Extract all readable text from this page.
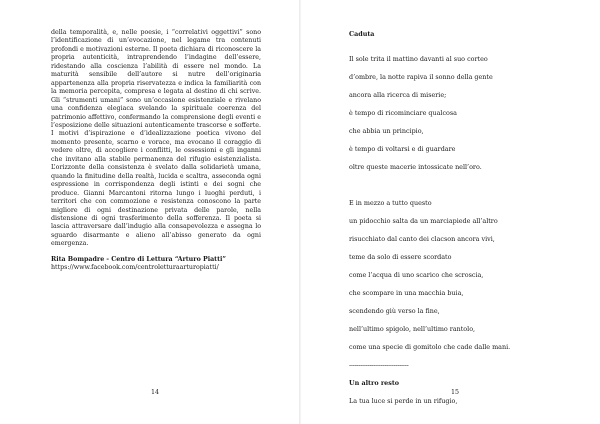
della temporalità, e, nelle poesie, i “correlativi oggettivi” sono l’identificazione di un’evocazione, nel legame tra contenuti profondi e motivazioni esterne. Il poeta dichiara di riconoscere la propria autenticità, intraprendendo l’indagine dell’essere, ridestando alla coscienza l’abilità di essere nel mondo. La maturità sensibile dell’autore si nutre dell’originaria appartenenza alla propria riservatezza e indica la familiarità con la memoria percepita, compresa e legata al destino di chi scrive. Gli “strumenti umani” sono un’occasione esistenziale e rivelano una confidenza elegiaca svelando la spirituale coerenza del patrimonio affettivo, confermando la comprensione degli eventi e l’esposizione delle situazioni autenticamente trascorse e sofferte. I motivi d’ispirazione e d’idealizzazione poetica vivono del momento presente, scarno e vorace, ma evocano il coraggio di vedere oltre, di accogliere i conflitti, le ossessioni e gli inganni che invitano alla stabile permanenza del rifugio esistenzialista. L’orizzonte della consistenza è svelato dalla solidarietà umana, quando la finitudine della realtà, lucida e scaltra, asseconda ogni espressione in corrispondenza degli istinti e dei sogni che produce. Gianni Marcantoni ritorna lungo i luoghi perduti, i territori che con commozione e resistenza conoscono la parte migliore di ogni destinazione privata delle parole, nella distensione di ogni trasferimento della sofferenza. Il poeta si lascia attraversare dall’indugio alla consapevolezza e assegna lo sguardo disarmante e alieno all’abisso generato da ogni emergenza.

Rita Bompadre - Centro di Lettura “Arturo Piatti”
https://www.facebook.com/centroletturaarturopiatti/
14
Caduta
Il sole trita il mattino davanti al suo corteo
d’ombre, la notte rapiva il sonno della gente
ancora alla ricerca di miserie;
è tempo di ricominciare qualcosa
che abbia un principio,
è tempo di voltarsi e di guardare
oltre queste macerie intossicate nell’oro.
E in mezzo a tutto questo
un pidocchio salta da un marciapiede all’altro
risucchiato dal canto dei clacson ancora vivi,
teme da solo di essere scordato
come l’acqua di uno scarico che scroscia,
che scompare in una macchia buia,
scendendo giù verso la fine,
nell’ultimo spigolo, nell’ultimo rantolo,
come una specie di gomitolo che cade dalle mani.
--------------------------------
Un altro resto
La tua luce si perde in un rifugio,
15
